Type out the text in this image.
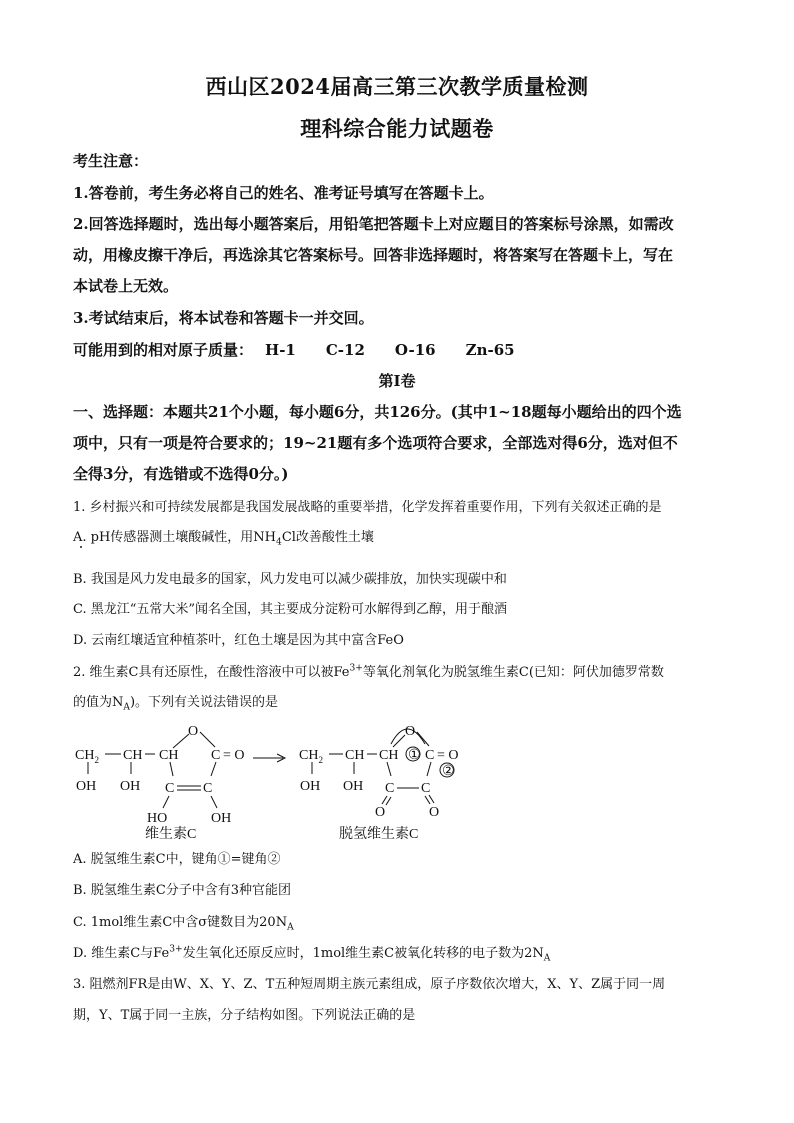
西山区2024届高三第三次教学质量检测
理科综合能力试题卷
考生注意：
1.答卷前，考生务必将自己的姓名、准考证号填写在答题卡上。
2.回答选择题时，选出每小题答案后，用铅笔把答题卡上对应题目的答案标号涂黑，如需改
动，用橡皮擦干净后，再选涂其它答案标号。回答非选择题时，将答案写在答题卡上，写在
本试卷上无效。
3.考试结束后，将本试卷和答题卡一并交回。
可能用到的相对原子质量： H-1 C-12 O-16 Zn-65
第Ⅰ卷
一、选择题：本题共21个小题，每小题6分，共126分。(其中1~18题每小题给出的四个选
项中，只有一项是符合要求的；19~21题有多个选项符合要求，全部选对得6分，选对但不
全得3分，有选错或不选得0分。)
1. 乡村振兴和可持续发展都是我国发展战略的重要举措，化学发挥着重要作用，下列有关叙述正确的是
A. pH传感器测土壤酸碱性，用$NH_4Cl$改善酸性土壤
B. 我国是风力发电最多的国家，风力发电可以减少碳排放，加快实现碳中和
C. 黑龙江“五常大米”闻名全国，其主要成分淀粉可水解得到乙醇，用于酿酒
D. 云南红壤适宜种植茶叶，红色土壤是因为其中富含FeO
2. 维生素C具有还原性，在酸性溶液中可以被$Fe^{3+}$等氧化剂氧化为脱氢维生素C(已知：阿伏加德罗常数
的值为$N_A$)。下列有关说法错误的是
$CH_2$ CH CH
OH OH
O
C = O
C C
HO	OH
维生素C
$CH_2$ CH CH
OH OH
O
① C = O
②
C C
O	O
脱氢维生素C
A. 脱氢维生素C中，键角①=键角②
B. 脱氢维生素C分子中含有3种官能团
C. 1mol维生素C中含σ键数目为$20N_A$
D. 维生素C与$Fe^{3+}$发生氧化还原反应时，1mol维生素C被氧化转移的电子数为$2N_A$
3. 阻燃剂FR是由W、X、Y、Z、T五种短周期主族元素组成，原子序数依次增大，X、Y、Z属于同一周
期，Y、T属于同一主族，分子结构如图。下列说法正确的是
